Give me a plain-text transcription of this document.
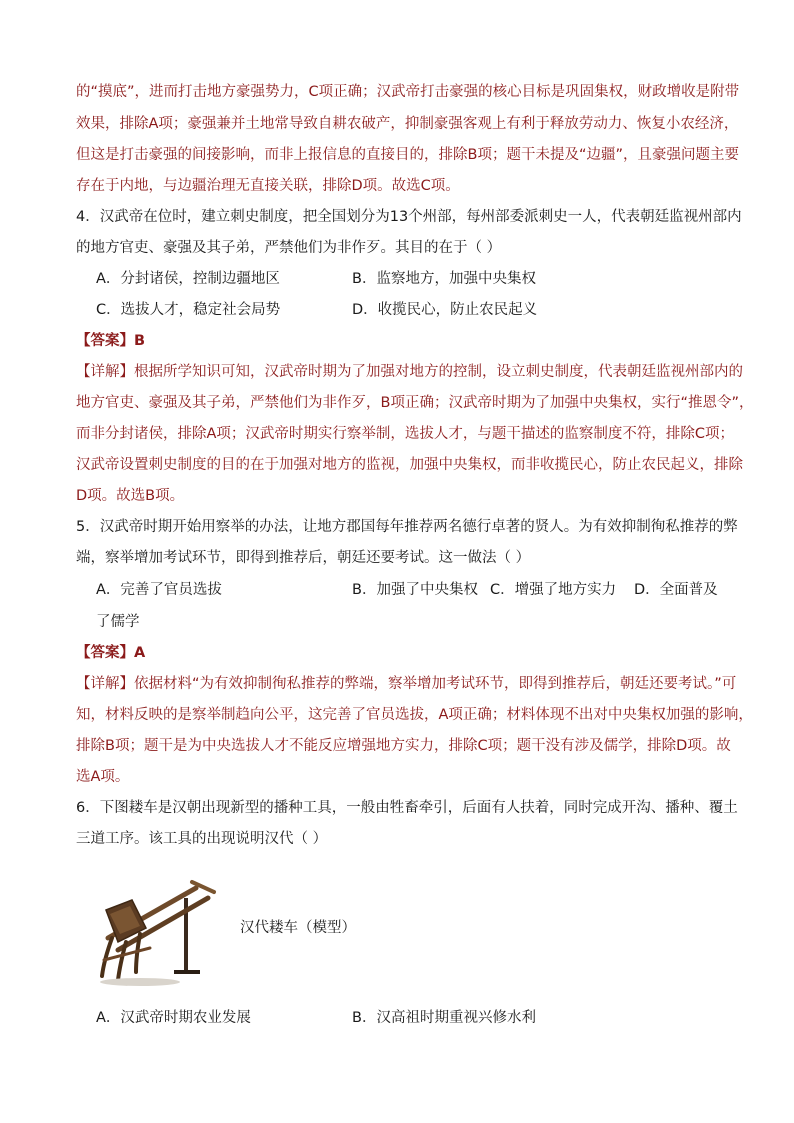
的“摸底”，进而打击地方豪强势力，C项正确；汉武帝打击豪强的核心目标是巩固集权，财政增收是附带
效果，排除A项；豪强兼并土地常导致自耕农破产，抑制豪强客观上有利于释放劳动力、恢复小农经济，
但这是打击豪强的间接影响，而非上报信息的直接目的，排除B项；题干未提及“边疆”，且豪强问题主要
存在于内地，与边疆治理无直接关联，排除D项。故选C项。
4．汉武帝在位时，建立刺史制度，把全国划分为13个州部，每州部委派刺史一人，代表朝廷监视州部内
的地方官吏、豪强及其子弟，严禁他们为非作歹。其目的在于（ ）
A．分封诸侯，控制边疆地区	B．监察地方，加强中央集权
C．选拔人才，稳定社会局势	D．收揽民心，防止农民起义
【答案】B
【详解】根据所学知识可知，汉武帝时期为了加强对地方的控制，设立刺史制度，代表朝廷监视州部内的
地方官吏、豪强及其子弟，严禁他们为非作歹，B项正确；汉武帝时期为了加强中央集权，实行“推恩令”，
而非分封诸侯，排除A项；汉武帝时期实行察举制，选拔人才，与题干描述的监察制度不符，排除C项；
汉武帝设置刺史制度的目的在于加强对地方的监视，加强中央集权，而非收揽民心，防止农民起义，排除
D项。故选B项。
5．汉武帝时期开始用察举的办法，让地方郡国每年推荐两名德行卓著的贤人。为有效抑制徇私推荐的弊
端，察举增加考试环节，即得到推荐后，朝廷还要考试。这一做法（ ）
A．完善了官员选拔	B．加强了中央集权 C．增强了地方实力 D．全面普及
了儒学
【答案】A
【详解】依据材料“为有效抑制徇私推荐的弊端，察举增加考试环节，即得到推荐后，朝廷还要考试。”可
知，材料反映的是察举制趋向公平，这完善了官员选拔，A项正确；材料体现不出对中央集权加强的影响，
排除B项；题干是为中央选拔人才不能反应增强地方实力，排除C项；题干没有涉及儒学，排除D项。故
选A项。
6．下图耧车是汉朝出现新型的播种工具，一般由牲畜牵引，后面有人扶着，同时完成开沟、播种、覆土
三道工序。该工具的出现说明汉代（ ）
汉代耧车（模型）
A．汉武帝时期农业发展	B．汉高祖时期重视兴修水利
